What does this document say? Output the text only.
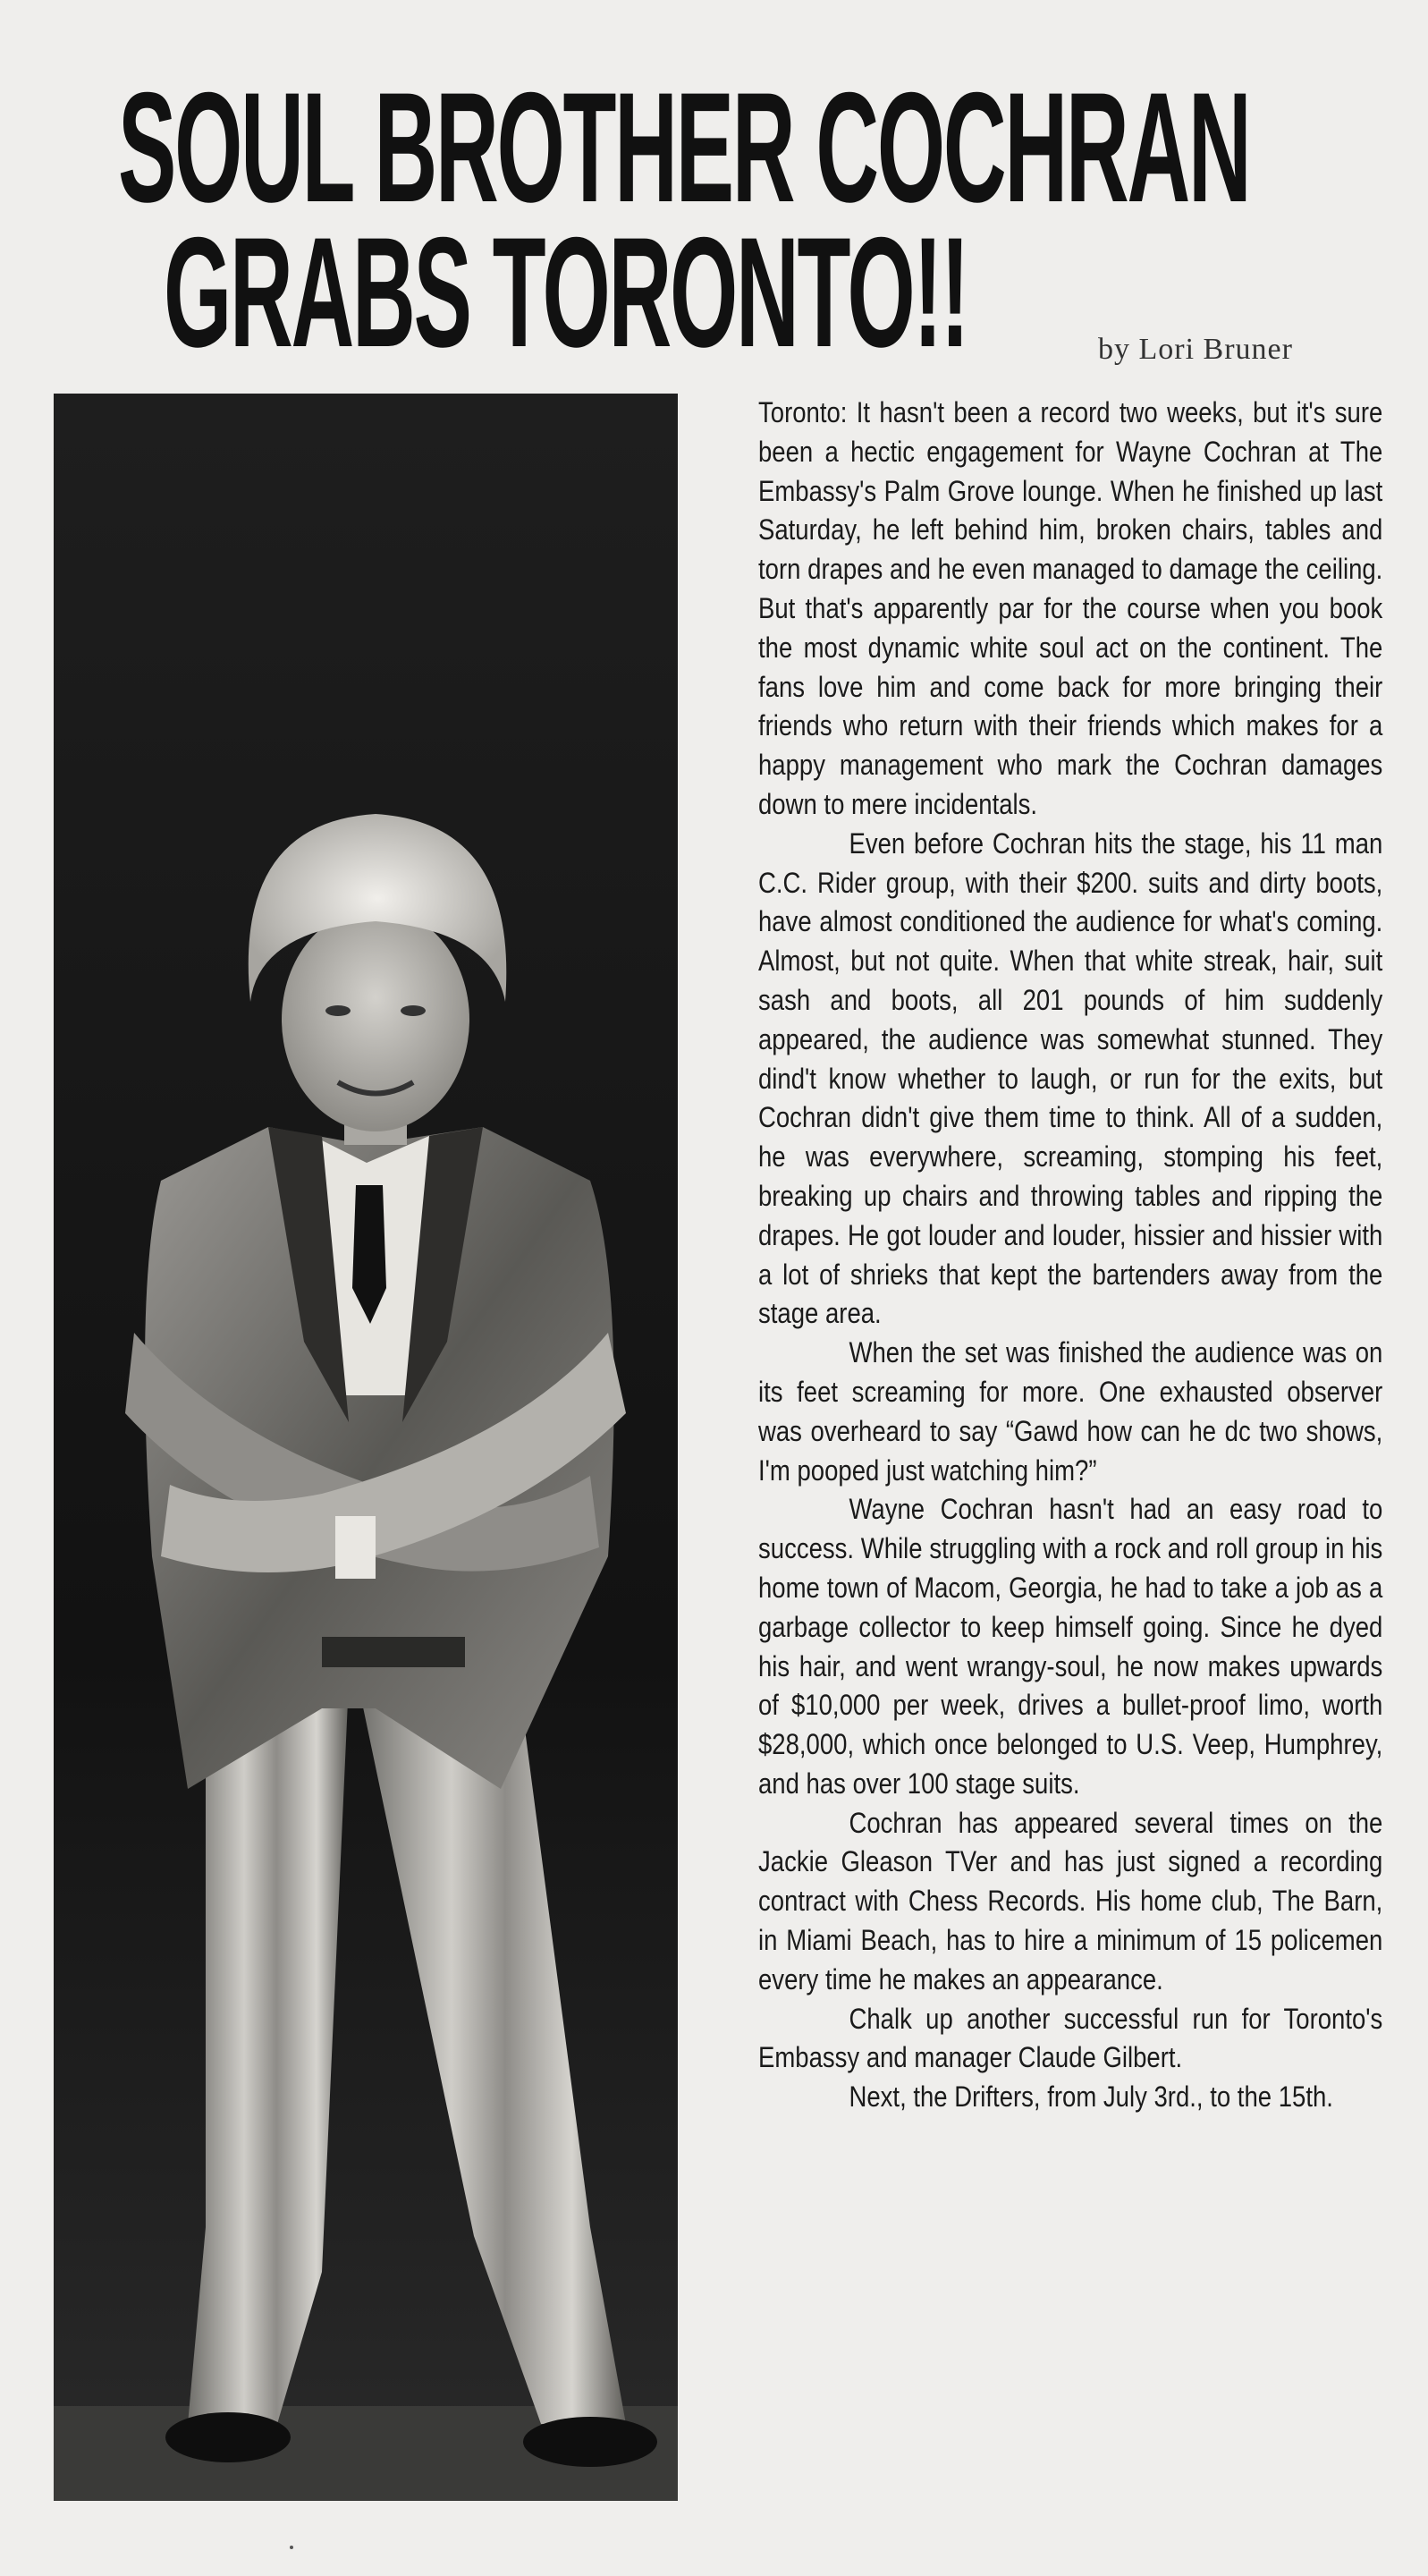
SOUL BROTHER COCHRAN
GRABS TORONTO!!	by Lori Bruner

Toronto: It hasn't been a record two weeks, but it's sure been a hectic engagement for Wayne Cochran at The Embassy's Palm Grove lounge. When he finished up last Saturday, he left behind him, broken chairs, tables and torn drapes and he even managed to damage the ceiling. But that's apparently par for the course when you book the most dynamic white soul act on the continent. The fans love him and come back for more bringing their friends who return with their friends which makes for a happy management who mark the Cochran damages down to mere incidentals.

Even before Cochran hits the stage, his 11 man C.C. Rider group, with their $200. suits and dirty boots, have almost conditioned the audience for what's coming. Almost, but not quite. When that white streak, hair, suit sash and boots, all 201 pounds of him suddenly appeared, the audience was somewhat stunned. They dind't know whether to laugh, or run for the exits, but Cochran didn't give them time to think. All of a sudden, he was everywhere, screaming, stomping his feet, breaking up chairs and throwing tables and ripping the drapes. He got louder and louder, hissier and hissier with a lot of shrieks that kept the bartenders away from the stage area.

When the set was finished the audience was on its feet screaming for more. One exhausted observer was overheard to say “Gawd how can he dc two shows, I'm pooped just watching him?”

Wayne Cochran hasn't had an easy road to success. While struggling with a rock and roll group in his home town of Macom, Georgia, he had to take a job as a garbage collector to keep himself going. Since he dyed his hair, and went wrangy-soul, he now makes upwards of $10,000 per week, drives a bullet-proof limo, worth $28,000, which once belonged to U.S. Veep, Humphrey, and has over 100 stage suits.

Cochran has appeared several times on the Jackie Gleason TVer and has just signed a recording contract with Chess Records. His home club, The Barn, in Miami Beach, has to hire a minimum of 15 policemen every time he makes an appearance.

Chalk up another successful run for Toronto's Embassy and manager Claude Gilbert.

Next, the Drifters, from July 3rd., to the 15th.
